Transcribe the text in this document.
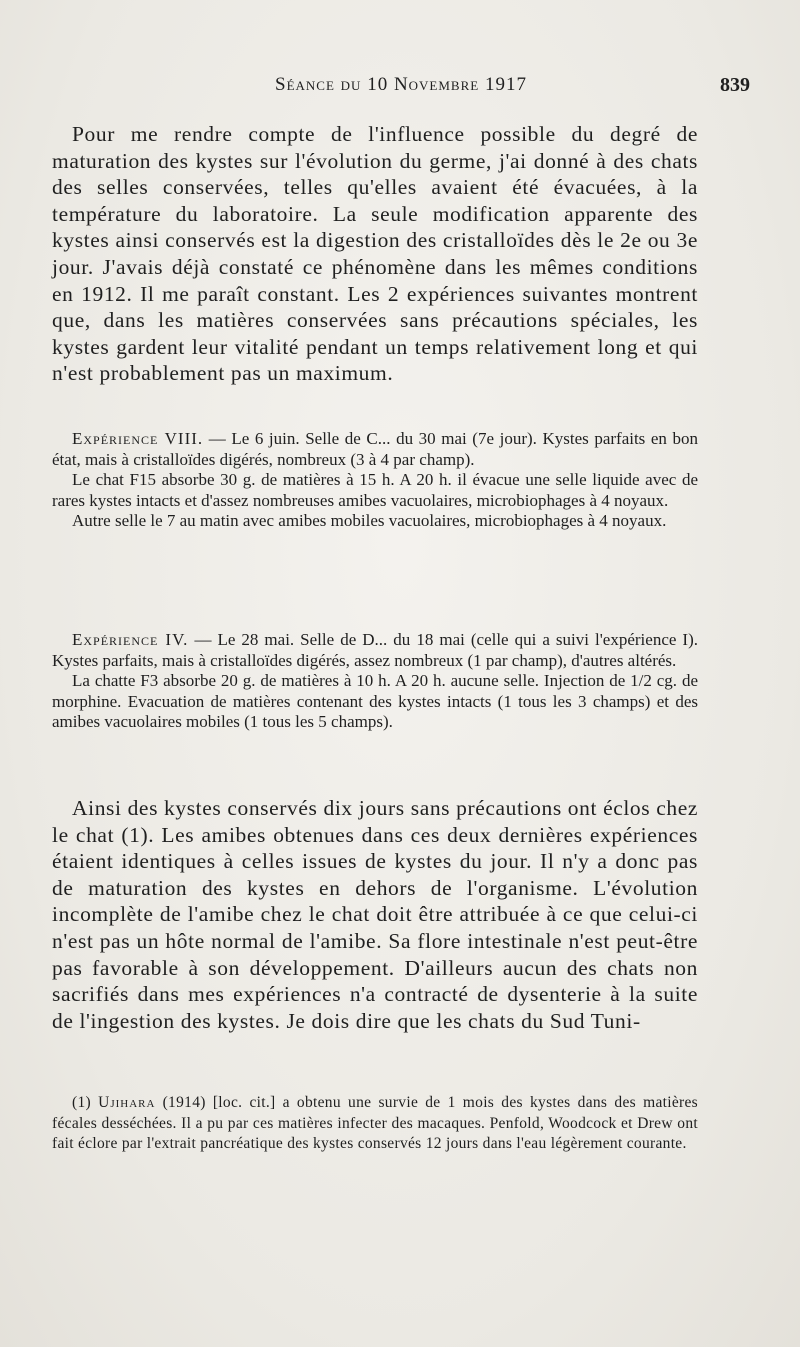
Séance du 10 Novembre 1917	839

Pour me rendre compte de l'influence possible du degré de maturation des kystes sur l'évolution du germe, j'ai donné à des chats des selles conservées, telles qu'elles avaient été évacuées, à la température du laboratoire. La seule modification apparente des kystes ainsi conservés est la digestion des cristalloïdes dès le 2e ou 3e jour. J'avais déjà constaté ce phénomène dans les mêmes conditions en 1912. Il me paraît constant. Les 2 expériences suivantes montrent que, dans les matières conservées sans précautions spéciales, les kystes gardent leur vitalité pendant un temps relativement long et qui n'est probablement pas un maximum.

Expérience VIII. — Le 6 juin. Selle de C... du 30 mai (7e jour). Kystes parfaits en bon état, mais à cristalloïdes digérés, nombreux (3 à 4 par champ).

Le chat F15 absorbe 30 g. de matières à 15 h. A 20 h. il évacue une selle liquide avec de rares kystes intacts et d'assez nombreuses amibes vacuolaires, microbiophages à 4 noyaux.

Autre selle le 7 au matin avec amibes mobiles vacuolaires, microbiophages à 4 noyaux.

Expérience IV. — Le 28 mai. Selle de D... du 18 mai (celle qui a suivi l'expérience I). Kystes parfaits, mais à cristalloïdes digérés, assez nombreux (1 par champ), d'autres altérés.

La chatte F3 absorbe 20 g. de matières à 10 h. A 20 h. aucune selle. Injection de 1/2 cg. de morphine. Evacuation de matières contenant des kystes intacts (1 tous les 3 champs) et des amibes vacuolaires mobiles (1 tous les 5 champs).

Ainsi des kystes conservés dix jours sans précautions ont éclos chez le chat (1). Les amibes obtenues dans ces deux dernières expériences étaient identiques à celles issues de kystes du jour. Il n'y a donc pas de maturation des kystes en dehors de l'organisme. L'évolution incomplète de l'amibe chez le chat doit être attribuée à ce que celui-ci n'est pas un hôte normal de l'amibe. Sa flore intestinale n'est peut-être pas favorable à son développement. D'ailleurs aucun des chats non sacrifiés dans mes expériences n'a contracté de dysenterie à la suite de l'ingestion des kystes. Je dois dire que les chats du Sud Tuni-

(1) Ujihara (1914) [loc. cit.] a obtenu une survie de 1 mois des kystes dans des matières fécales desséchées. Il a pu par ces matières infecter des macaques. Penfold, Woodcock et Drew ont fait éclore par l'extrait pancréatique des kystes conservés 12 jours dans l'eau légèrement courante.
